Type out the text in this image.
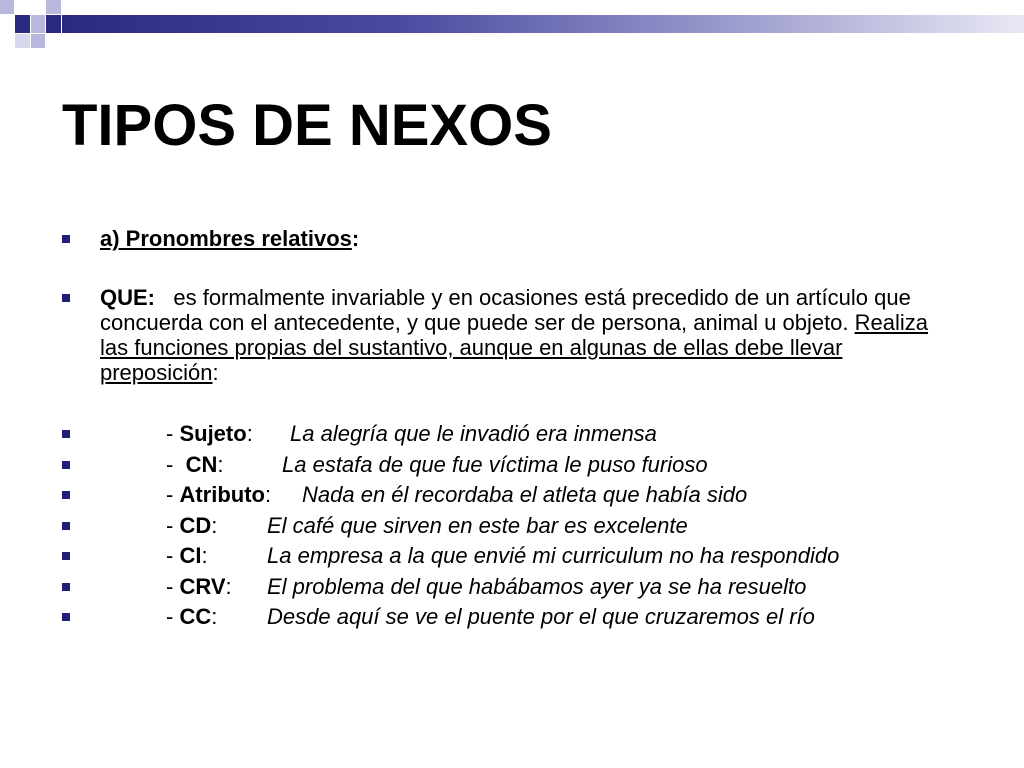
TIPOS DE NEXOS
a) Pronombres relativos:
QUE: es formalmente invariable y en ocasiones está precedido de un artículo que concuerda con el antecedente, y que puede ser de persona, animal u objeto. Realiza las funciones propias del sustantivo, aunque en algunas de ellas debe llevar preposición:
- Sujeto: La alegría que le invadió era inmensa
-  CN:	La estafa de que fue víctima le puso furioso
- Atributo: Nada en él recordaba el atleta que había sido
- CD: El café que sirven en este bar es excelente
- CI:	La empresa a la que envié mi curriculum no ha respondido
- CRV: El problema del que habábamos ayer ya se ha resuelto
- CC: Desde aquí se ve el puente por el que cruzaremos el río
